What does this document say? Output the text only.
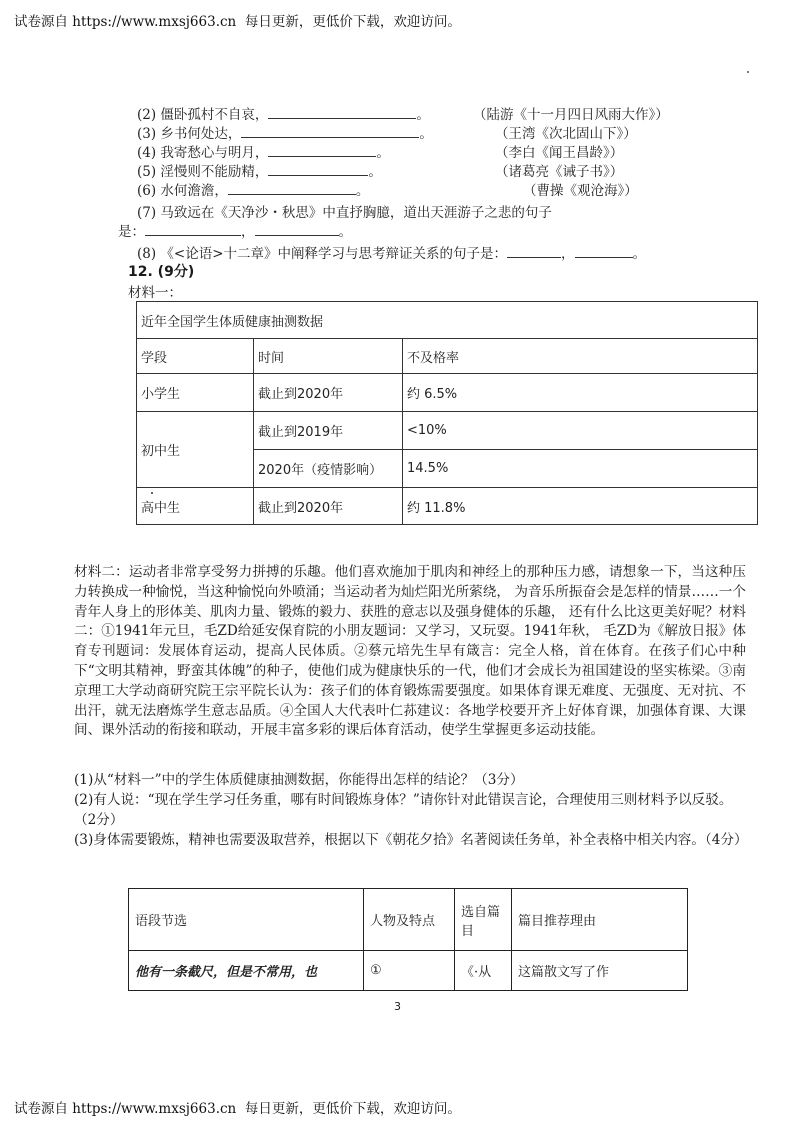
试卷源自 https://www.mxsj663.cn  每日更新，更低价下载，欢迎访问。
(2) 僵卧孤村不自哀，	。	（陆游《十一月四日风雨大作》）
(3) 乡书何处达，	。	（王湾《次北固山下》）
(4) 我寄愁心与明月，	。	（李白《闻王昌龄》）
(5) 淫慢则不能励精，	。	（诸葛亮《诫子书》）
(6) 水何澹澹，	。	（曹操《观沧海》）
(7) 马致远在《天净沙・秋思》中直抒胸臆，道出天涯游子之悲的句子
是：	，	。
(8) 《<论语>十二章》中阐释学习与思考辩证关系的句子是：	，	。
12. (9分)
材料一：
近年全国学生体质健康抽测数据		
学段	时间	不及格率
小学生	截止到2020年	约 6.5%
初中生	截止到2019年	<10%
	2020年（疫情影响）	14.5%
高中生	截止到2020年	约 11.8%
材料二：运动者非常享受努力拼搏的乐趣。他们喜欢施加于肌肉和神经上的那种压力感，请想象一下，当这种压力转换成一种愉悦，当这种愉悦向外喷涌；当运动者为灿烂阳光所萦绕， 为音乐所振奋会是怎样的情景……一个青年人身上的形体美、肌肉力量、锻炼的毅力、获胜的意志以及强身健体的乐趣， 还有什么比这更美好呢？材料二：①1941年元旦，毛ZD给延安保育院的小朋友题词：又学习，又玩耍。1941年秋， 毛ZD为《解放日报》体育专刊题词：发展体育运动，提高人民体质。②蔡元培先生早有箴言：完全人格，首在体育。在孩子们心中种下“文明其精神，野蛮其体魄”的种子，使他们成为健康快乐的一代，他们才会成长为祖国建设的坚实栋梁。③南京理工大学动商研究院王宗平院长认为：孩子们的体育锻炼需要强度。如果体育课无难度、无强度、无对抗、不出汗，就无法磨炼学生意志品质。④全国人大代表叶仁荪建议：各地学校要开齐上好体育课，加强体育课、大课间、课外活动的衔接和联动，开展丰富多彩的课后体育活动，使学生掌握更多运动技能。
(1)从“材料一”中的学生体质健康抽测数据，你能得出怎样的结论？（3分）
(2)有人说：“现在学生学习任务重，哪有时间锻炼身体？”请你针对此错误言论，合理使用三则材料予以反驳。（2分）
(3)身体需要锻炼，精神也需要汲取营养，根据以下《朝花夕拾》名著阅读任务单，补全表格中相关内容。（4分）
语段节选	人物及特点	选自篇目	篇目推荐理由
他有一条截尺，但是不常用，也	①	《·从	这篇散文写了作
3
试卷源自 https://www.mxsj663.cn  每日更新，更低价下载，欢迎访问。
